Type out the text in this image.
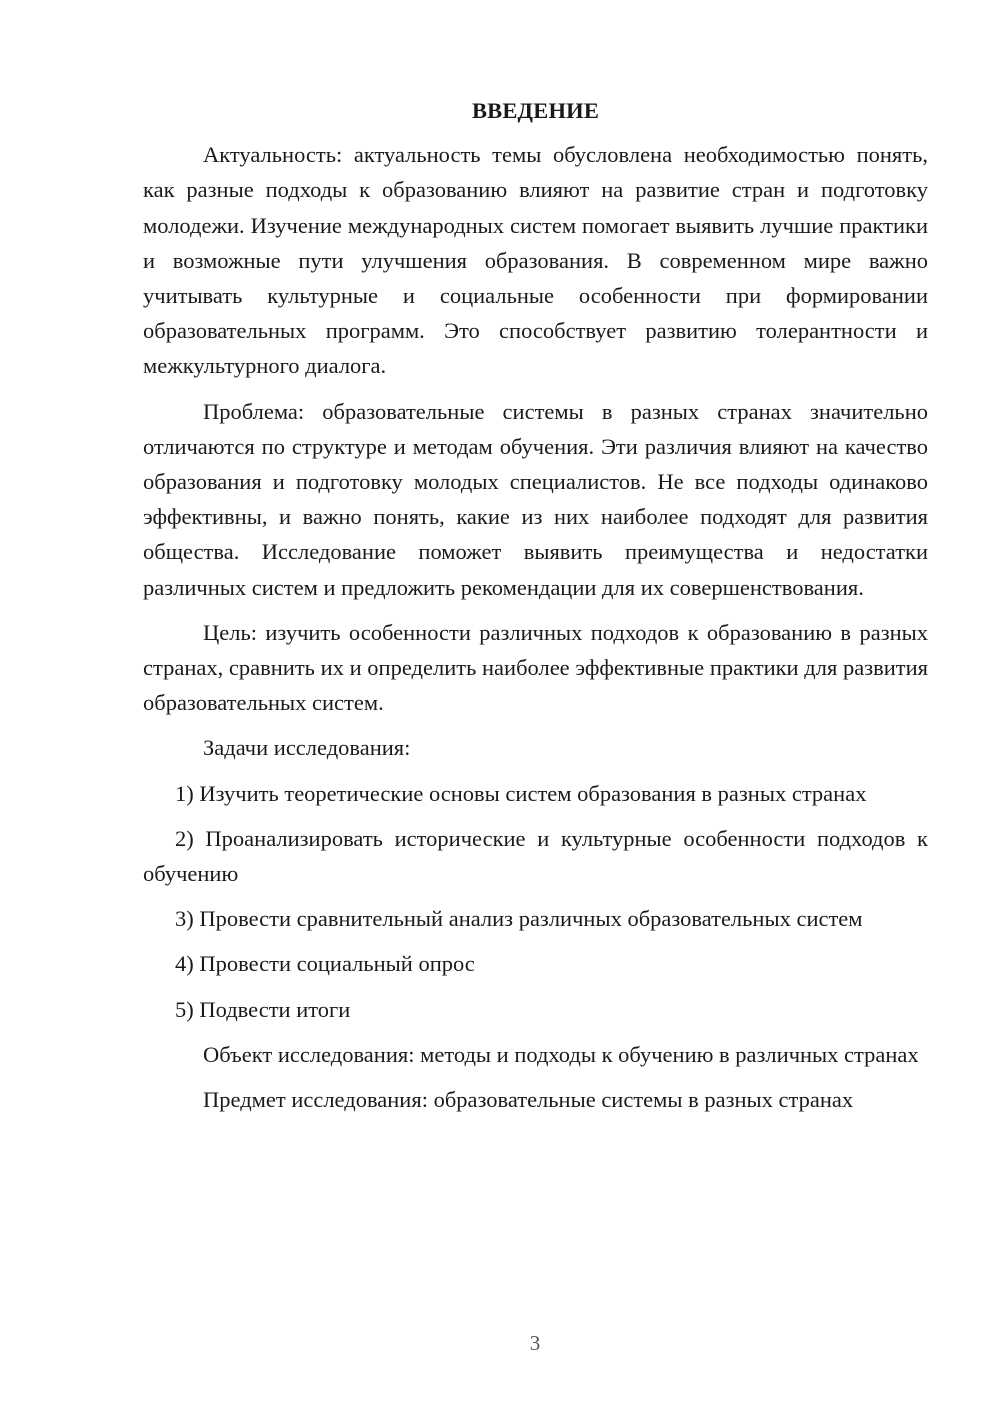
ВВЕДЕНИЕ

Актуальность: актуальность темы обусловлена необходимостью понять, как разные подходы к образованию влияют на развитие стран и подготовку молодежи. Изучение международных систем помогает выявить лучшие практики и возможные пути улучшения образования. В современном мире важно учитывать культурные и социальные особенности при формировании образовательных программ. Это способствует развитию толерантности и межкультурного диалога.

Проблема: образовательные системы в разных странах значительно отличаются по структуре и методам обучения. Эти различия влияют на качество образования и подготовку молодых специалистов. Не все подходы одинаково эффективны, и важно понять, какие из них наиболее подходят для развития общества. Исследование поможет выявить преимущества и недостатки различных систем и предложить рекомендации для их совершенствования.

Цель: изучить особенности различных подходов к образованию в разных странах, сравнить их и определить наиболее эффективные практики для развития образовательных систем.

Задачи исследования:

1) Изучить теоретические основы систем образования в разных странах

2) Проанализировать исторические и культурные особенности подходов к обучению

3) Провести сравнительный анализ различных образовательных систем

4) Провести социальный опрос

5) Подвести итоги

Объект исследования: методы и подходы к обучению в различных странах

Предмет исследования: образовательные системы в разных странах

3
